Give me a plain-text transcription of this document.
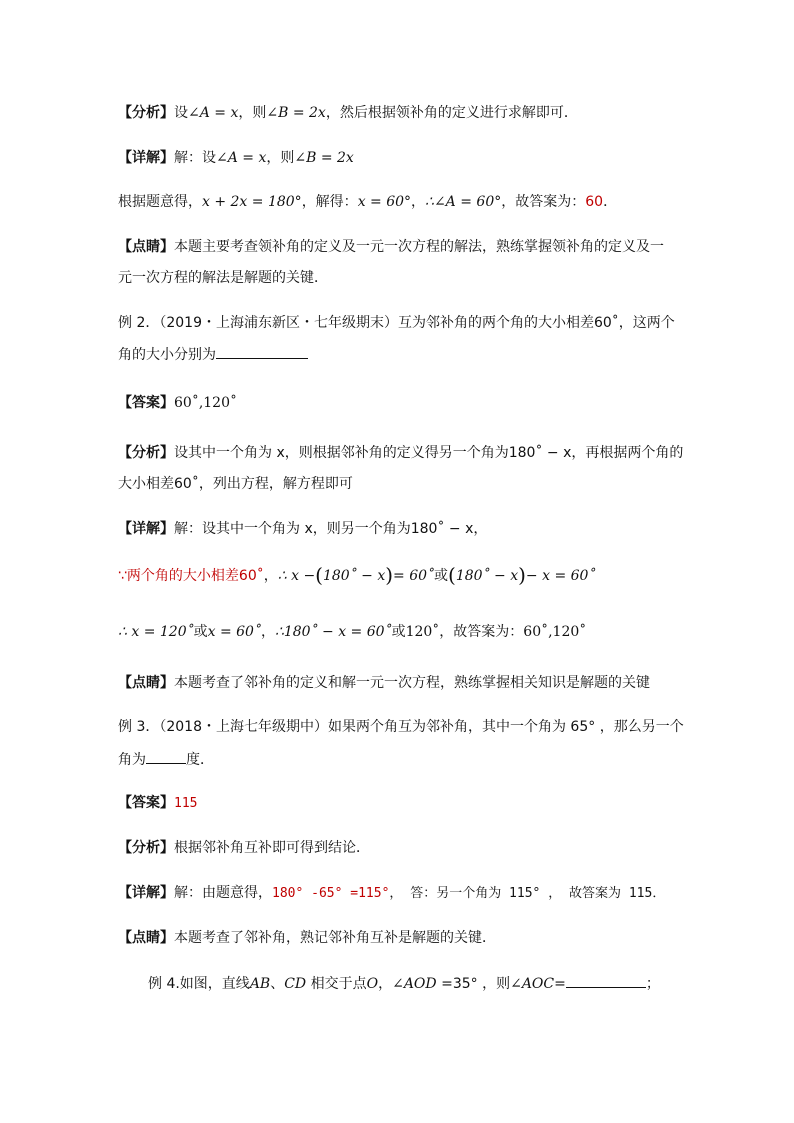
【分析】设∠A = x，则∠B = 2x，然后根据领补角的定义进行求解即可．
【详解】解：设∠A = x，则∠B = 2x
根据题意得，x + 2x = 180°，解得：x = 60°，∴∠A = 60°，故答案为：60．
【点睛】本题主要考查领补角的定义及一元一次方程的解法，熟练掌握领补角的定义及一
元一次方程的解法是解题的关键．
例 2．（2019・上海浦东新区・七年级期末）互为邻补角的两个角的大小相差60˚，这两个
角的大小分别为
【答案】60˚,120˚
【分析】设其中一个角为 x，则根据邻补角的定义得另一个角为180˚ − x，再根据两个角的
大小相差60˚，列出方程，解方程即可
【详解】解：设其中一个角为 x，则另一个角为180˚ − x，
∵两个角的大小相差60˚，∴ x −(180˚ − x)= 60˚或(180˚ − x)− x = 60˚
∴ x = 120˚或x = 60˚，∴180˚ − x = 60˚或120˚，故答案为：60˚,120˚
【点睛】本题考查了邻补角的定义和解一元一次方程，熟练掌握相关知识是解题的关键
例 3．（2018・上海七年级期中）如果两个角互为邻补角，其中一个角为 65° ，那么另一个
角为	度．
【答案】115
【分析】根据邻补角互补即可得到结论．
【详解】解：由题意得，180° -65° =115°， 答：另一个角为 115° ， 故答案为 115．
【点睛】本题考查了邻补角，熟记邻补角互补是解题的关键．
例 4.如图，直线AB、CD 相交于点O，∠AOD =35° ，则∠AOC=	；
